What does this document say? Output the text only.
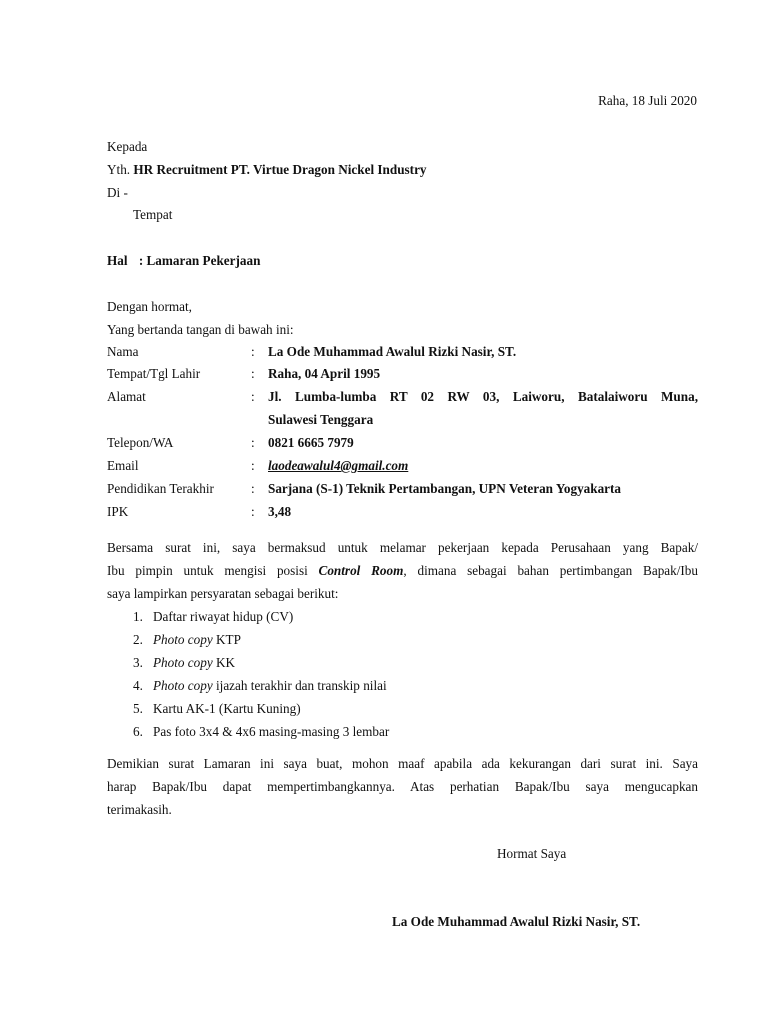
Raha, 18 Juli 2020
Kepada
Yth. HR Recruitment PT. Virtue Dragon Nickel Industry
Di -
Tempat
Hal : Lamaran Pekerjaan
Dengan hormat,
Yang bertanda tangan di bawah ini:
Nama	: La Ode Muhammad Awalul Rizki Nasir, ST.
Tempat/Tgl Lahir	: Raha, 04 April 1995
Alamat	: Jl. Lumba-lumba RT 02 RW 03, Laiworu, Batalaiworu Muna,
Sulawesi Tenggara
Telepon/WA	: 0821 6665 7979
Email	: laodeawalul4@gmail.com
Pendidikan Terakhir	: Sarjana (S-1) Teknik Pertambangan, UPN Veteran Yogyakarta
IPK	: 3,48
Bersama surat ini, saya bermaksud untuk melamar pekerjaan kepada Perusahaan yang Bapak/
Ibu pimpin untuk mengisi posisi Control Room, dimana sebagai bahan pertimbangan Bapak/Ibu
saya lampirkan persyaratan sebagai berikut:
1. Daftar riwayat hidup (CV)
2. Photo copy KTP
3. Photo copy KK
4. Photo copy ijazah terakhir dan transkip nilai
5. Kartu AK-1 (Kartu Kuning)
6. Pas foto 3x4 & 4x6 masing-masing 3 lembar
Demikian surat Lamaran ini saya buat, mohon maaf apabila ada kekurangan dari surat ini. Saya
harap Bapak/Ibu dapat mempertimbangkannya. Atas perhatian Bapak/Ibu saya mengucapkan
terimakasih.
Hormat Saya
La Ode Muhammad Awalul Rizki Nasir, ST.
